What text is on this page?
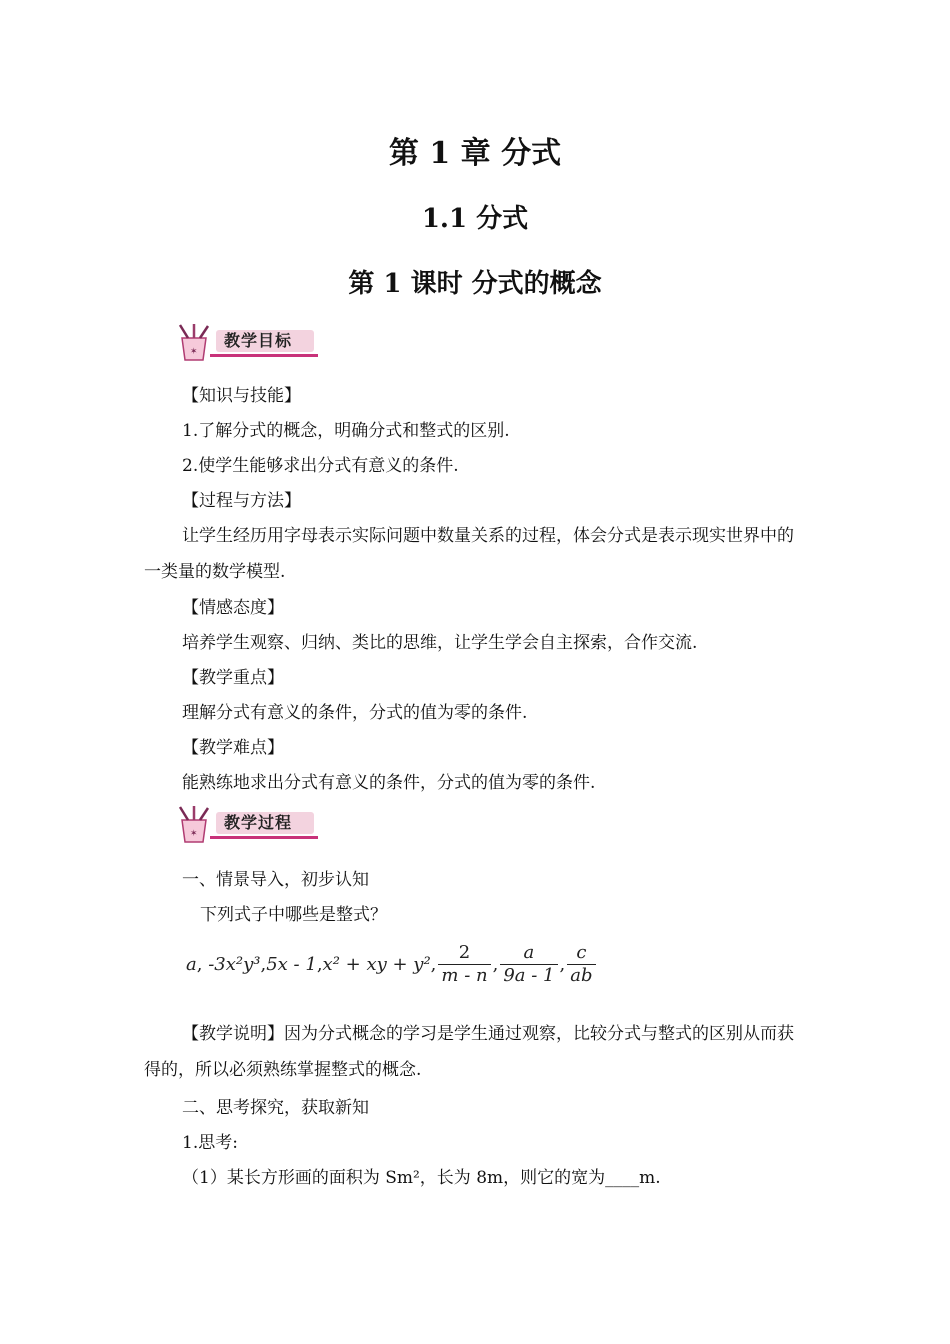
第 1 章 分式
1.1 分式
第 1 课时 分式的概念
✶
教学目标
【知识与技能】
1.了解分式的概念，明确分式和整式的区别.
2.使学生能够求出分式有意义的条件.
【过程与方法】
让学生经历用字母表示实际问题中数量关系的过程，体会分式是表示现实世界中的一类量的数学模型.
【情感态度】
培养学生观察、归纳、类比的思维，让学生学会自主探索，合作交流.
【教学重点】
理解分式有意义的条件，分式的值为零的条件.
【教学难点】
能熟练地求出分式有意义的条件，分式的值为零的条件.
✶
教学过程
一、情景导入，初步认知
下列式子中哪些是整式？
a , -3x²y³ , 5x - 1 , x² + xy + y² , $\frac{2}{m - n}$ , $\frac{a}{9a - 1}$ , $\frac{c}{ab}$
【教学说明】因为分式概念的学习是学生通过观察，比较分式与整式的区别从而获得的，所以必须熟练掌握整式的概念.
二、思考探究，获取新知
1.思考:
（1）某长方形画的面积为 Sm²，长为 8m，则它的宽为____m.
